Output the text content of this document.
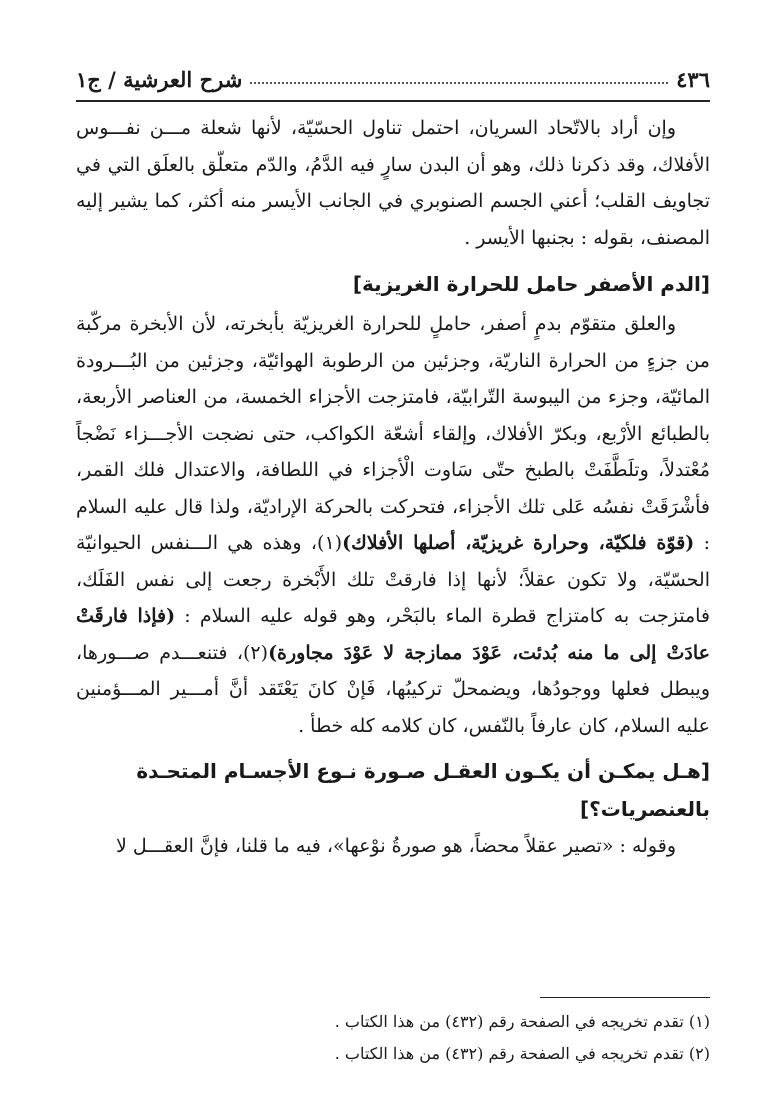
٤٣٦
شرح العرشية / ج١

وإن أراد بالاتّحاد السريان، احتمل تناول الحسّيّة، لأنها شعلة مـــن نفـــوس الأفلاك، وقد ذكرنا ذلك، وهو أن البدن سارٍ فيه الدَّمُ، والدّم متعلّق بالعلَق التي في تجاويف القلب؛ أعني الجسم الصنوبري في الجانب الأيسر منه أكثر، كما يشير إليه المصنف، بقوله : بجنبها الأيسر .

[الدم الأصفر حامل للحرارة الغريزية]

والعلق متقوّم بدمٍ أصفر، حاملٍ للحرارة الغريزيّة بأبخرته، لأن الأبخرة مركّبة من جزءٍ من الحرارة الناريّة، وجزئين من الرطوبة الهوائيّة، وجزئين من البُـــرودة المائيّة، وجزء من اليبوسة التّرابيّة، فامتزجت الأجزاء الخمسة، من العناصر الأربعة، بالطبائع الأرْبع، وبكرّ الأفلاك، وإلقاء أشعّة الكواكب، حتى نضجت الأجـــزاء نَضْجاً مُعْتدلاً، وتلَطَّفَتْ بالطبخ حتّى سَاوت الْأجزاء في اللطافة، والاعتدال فلك القمر، فأشْرَقَتْ نفسُه عَلى تلك الأجزاء، فتحركت بالحركة الإراديّة، ولذا قال عليه السلام : (قوّة فلكيّة، وحرارة غريزيّة، أصلها الأفلاك)(١)، وهذه هي الـــنفس الحيوانيّة الحسّيّة، ولا تكون عقلاً؛ لأنها إذا فارقتْ تلك الأَبْخرة رجعت إلى نفس الفَلَك، فامتزجت به كامتزاج قطرة الماء بالبَحْر، وهو قوله عليه السلام : (فإذا فارقَتْ عادَتْ إلى ما منه بُدئت، عَوْدَ ممازجة لا عَوْدَ مجاورة)(٢)، فتنعـــدم صـــورها، ويبطل فعلها ووجودُها، ويضمحلّ تركيبُها، فَإنْ كانَ يَعْتَقد أنَّ أمـــير المـــؤمنين عليه السلام، كان عارفاً بالنّفس، كان كلامه كله خطأ .

[هـل يمكـن أن يكـون العقـل صـورة نـوع الأجسـام المتحـدة بالعنصريات؟]

وقوله : «تصير عقلاً محضاً، هو صورةُ نوْعها»، فيه ما قلنا، فإنَّ العقـــل لا

(١) تقدم تخريجه في الصفحة رقم (٤٣٢) من هذا الكتاب .

(٢) تقدم تخريجه في الصفحة رقم (٤٣٢) من هذا الكتاب .
